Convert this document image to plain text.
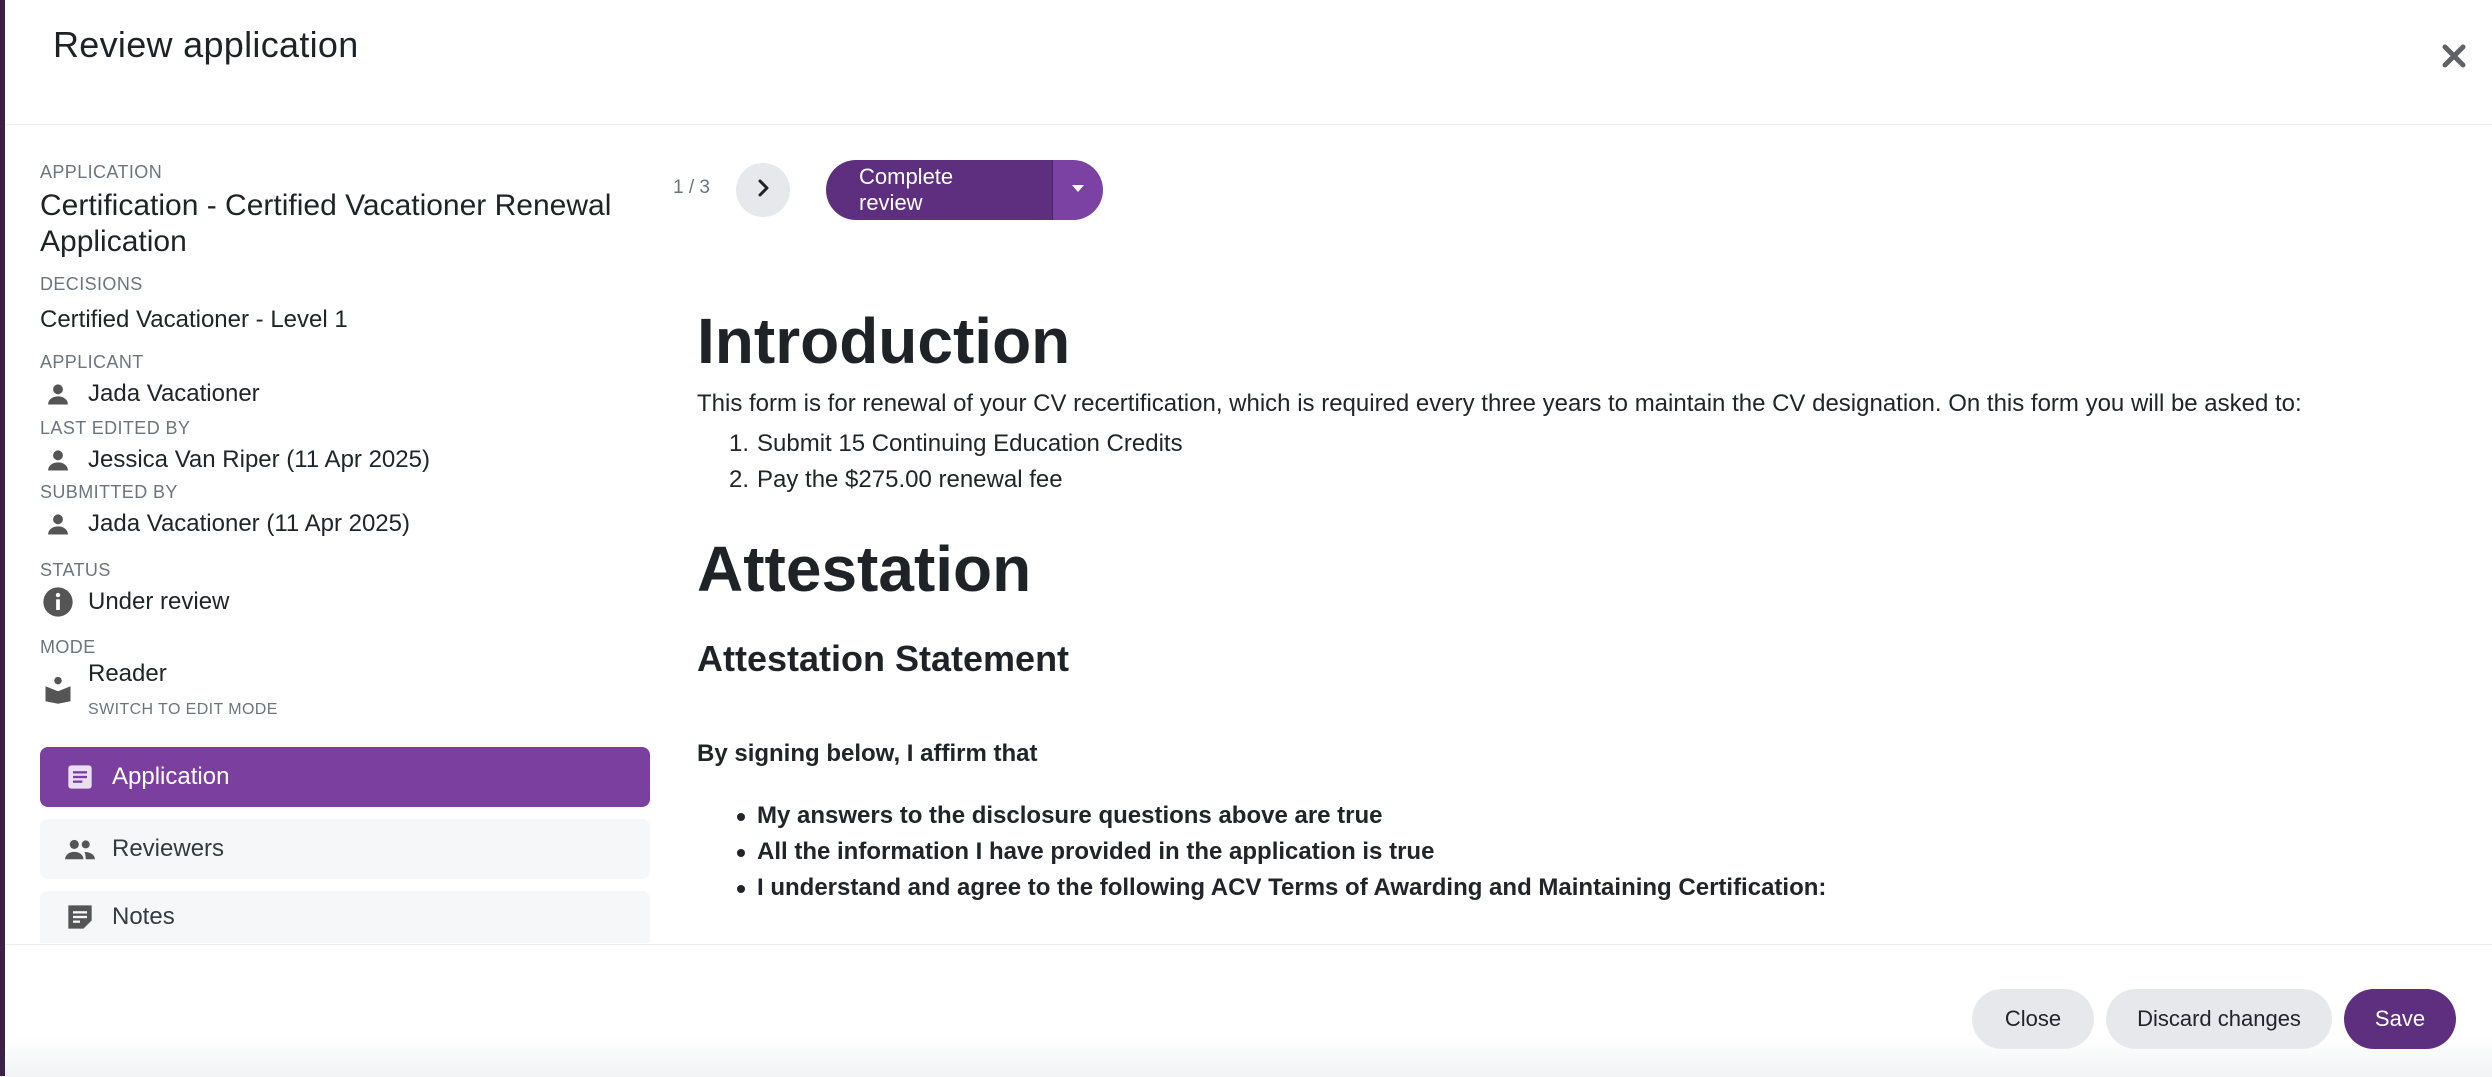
Review application
APPLICATION
Certification - Certified Vacationer Renewal Application
DECISIONS
Certified Vacationer - Level 1
APPLICANT
Jada Vacationer
LAST EDITED BY
Jessica Van Riper (11 Apr 2025)
SUBMITTED BY
Jada Vacationer (11 Apr 2025)
STATUS
Under review
MODE
Reader
SWITCH TO EDIT MODE
Application
Reviewers
Notes
1 / 3	Complete review
Introduction

This form is for renewal of your CV recertification, which is required every three years to maintain the CV designation. On this form you will be asked to:

1. Submit 15 Continuing Education Credits
2. Pay the $275.00 renewal fee
Attestation
Attestation Statement

By signing below, I affirm that

My answers to the disclosure questions above are true
All the information I have provided in the application is true
I understand and agree to the following ACV Terms of Awarding and Maintaining Certification:
Close	Discard changes	Save
